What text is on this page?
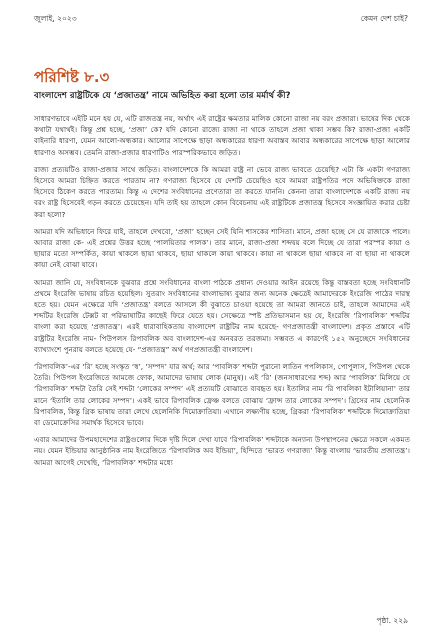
জুলাই, ২০২৩	কেমন দেশ চাই?
পরিশিষ্ট ৮.৩
বাংলাদেশ রাষ্ট্রটিকে যে ‘প্রজাতন্ত্র’ নামে অভিহিত করা হলো তার মর্মার্থ কী?

সাধারণভাবে এইটি মনে হয় যে, এটি রাজতন্ত্র নয়, অর্থাৎ এই রাষ্ট্রের ক্ষমতার মালিক কোনো রাজা নয় বরং প্রজারা। ভাষের দিক থেকে কথাটা যথার্থই। কিন্তু প্রশ্ন হচ্ছে, ‘প্রজা’ কে? যদি কোনো রাজ্যে রাজা না থাকে তাহলে প্রজা থাকা সম্ভব কি? রাজা-প্রজা একটি বাইনারি ধারণা, যেমন আলো-অন্ধকার। আলোর সাপেক্ষে ছাড়া অন্ধকারের ধারণা অবাস্তব আবার অন্ধকারের সাপেক্ষে ছাড়া আলোর ধারণাও অসম্ভব। তেমনি রাজা-প্রজার ধারণাটিও পারস্পরিকভাবে জড়িত।

রাজ্য প্রত্যয়টিও রাজা-প্রজার সাথে জড়িত। বাংলাদেশকে কি আমরা রাষ্ট্র না ভেবে রাজ্য ভাবতে চেয়েছি? এটা কি একটা গণরাজ্য হিসেবে আমরা চিহ্নিত করতে পারতাম না? গণরাজ্য হিসেবে যে দেশটি চেয়েছিও হবে আমরা রাষ্ট্রপতির পদে অভিষিক্তকে রাজা হিসেবে ঠিকেণ করতে পারতাম। কিন্তু এ দেশের সংবিধানের প্রণেতারা তা করতে যাননি। কেননা তারা বাংলাদেশকে একটি রাজ্য নয় বরং রাষ্ট্র হিসেবেই গড়ন করতে চেয়েছেন। যদি তাই হয় তাহলে কোন বিবেচনায় এই রাষ্ট্রটিকে প্রজাতন্ত্র হিসেবে সংজ্ঞায়িত করার চেষ্টা করা হলো?

আমরা যদি অভিধানে ফিরে যাই, তাহলে দেখবো, ‘প্রজা’ হচ্ছেন সেই যিনি শাসকের শাসিতা। মানে, প্রজা হচ্ছে সে যে রাজাকে পালে। আবার রাজা কে- এই প্রশ্নের উত্তর হচ্ছে ‘পালয়িতার পালক’। তার মানে, রাজা-প্রজা শব্দদ্বয় বলে দিচ্ছে যে তারা পরস্পর কায়া ও ছায়ার মতো সম্পর্কিত, কায়া থাকলে ছায়া থাকবে, ছায়া থাকলে কায়া থাকবে। কায়া না থাকলে ছায়া থাকবে না বা ছায়া না থাকলে কায়া নেই বোঝা যাবে।

আমরা জানি যে, সংবিধানকে বুঝবার প্রশ্নে সংবিধানের বাংলা পাঠকে প্রধান্য দেওয়ার আইন রয়েছে কিন্তু বাস্তবতা হচ্ছে সংবিধানটি প্রথমে ইংরেজি ভাষায় রচিত হয়েছিল। সুতরাং সংবিধানের বাংলাভাষ্য বুঝার জন্য অনেক ক্ষেত্রেই আমাদেরকে ইংরেজি পাঠের দারস্থ হতে হয়। যেমন এক্ষেত্রে যদি ‘প্রজাতন্ত্র’ বলতে আসলে কী বুঝাতে চাওয়া হয়েছে তা আমরা জানতে চাই, তাহলে আমাদের এই শব্দটির ইংরেজি টেক্সট বা পরিভাষাটির কাছেই ফিরে যেতে হয়। সেক্ষেত্রে স্পষ্ট প্রতিভাসমান হয় যে, ইংরেজি ‘রিপাবলিক’ শব্দটির বাংলা করা হয়েছে ‘প্রজাতন্ত্র’। এরই ধারাবাহিকতায় বাংলাদেশ রাষ্ট্রটির নাম হয়েছে- গণপ্রজাতন্ত্রী বাংলাদেশ। প্রকৃত প্রস্তাবে এটি রাষ্ট্রটির ইংরেজি নাম- পিউপলস রিপাবলিক অব বাংলাদেশ-এর অনবরত তরজমা। সম্ভবত এ কারণেই ১৫২ অনুচ্ছেদে সংবিধানের ব্যাখ্যাংশে পুনরায় বলতে হয়েছে যে- “প্রজাতন্ত্র” অর্থ গণপ্রজাতন্ত্রী বাংলাদেশ।

‘রিপাবলিক’-এর ‘রি’ হচ্ছে সংস্কৃত ‘স্ব’, ‘সম্পদ’ যার অর্থ; আর ‘পাবলিক’ শব্দটা পুরানো লাতিন পপলিকাস, পোপুলাস, পিউপল থেকে তৈরি। পিউপল ইংরেজিতে আমজে ফোক, আমাদের ভাষায় লোক (মানুষ)। এই ‘রি’ (জনসাধারণের শব্দ) আর ‘পাবলিক’ মিলিয়ে যে ‘রিপাবলিক’ শব্দটা তৈরি সেই শব্দটা ‘লোকের সম্পদ’ এই প্রত্যয়টি বোঝাতে ব্যবহৃত হয়। ইতালির নাম ‘রি পাবলিকা ইটালিয়ানা’ তার মানে ‘ইতালি তার লোকের সম্পদ’। একই ভাবে রিপাবলিক ফ্রেঞ্চ বলতে বোঝায় ‘ফ্রান্স তার লোকের সম্পদ’। গ্রিসের নাম হেলেনিক রিপাবলিক, কিন্তু গ্রিক ভাষায় তারা লেখে হেলেনিকি দিমোক্রাতিয়া। এখানে লক্ষ্যণীয় হচ্ছে, গ্রিকরা ‘রিপাবলিক’ শব্দটিকে দিমোক্রাতিয়া বা ডেমোক্রেসির সমার্থক হিসেবে ভাবে।

এবার আমাদের উপমহাদেশের রাষ্ট্রগুলোর দিকে দৃষ্টি দিলে দেখা যাবে ‘রিপাবলিক’ শব্দটাকে অন্যান্য উপস্থাপনের ক্ষেত্রে সকলে একমত নয়। যেমন ইন্ডিয়ার আনুষ্ঠানিক নাম ইংরেজিতে ‘রিপাবলিক অব ইন্ডিয়া’, হিন্দিতে ‘ভারত গণরাজ্য’ কিন্তু বাংলায় ‘ভারতীয় প্রজাতন্ত্র’। আমরা আগেই দেখেছি, ‘রিপাবলিক’ শব্দটার মধ্যে

পৃষ্ঠা. ২২৯
